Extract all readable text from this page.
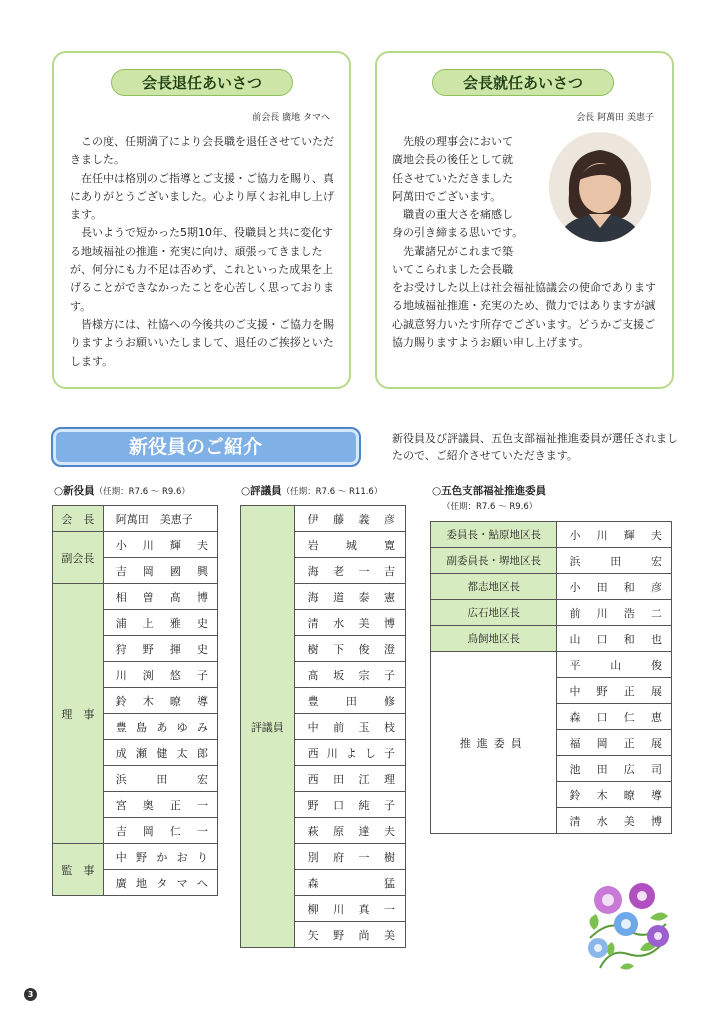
会長退任あいさつ
前会長 廣地 タマへ

この度、任期満了により会長職を退任させていただきました。

在任中は格別のご指導とご支援・ご協力を賜り、真にありがとうございました。心より厚くお礼申し上げます。

長いようで短かった5期10年、役職員と共に変化する地域福祉の推進・充実に向け、頑張ってきましたが、何分にも力不足は否めず、これといった成果を上げることができなかったことを心苦しく思っております。

皆様方には、社協への今後共のご支援・ご協力を賜りますようお願いいたしまして、退任のご挨拶といたします。

会長就任あいさつ
会長 阿萬田 美恵子
先般の理事会において
廣地会長の後任として就
任させていただきました
阿萬田でございます。
職責の重大さを痛感し
身の引き締まる思いです。
先輩諸兄がこれまで築
いてこられました会長職
をお受けした以上は社会福祉協議会の使命でありまする地域福祉推進・充実のため、微力ではありますが誠心誠意努力いたす所存でございます。どうかご支援ご協力賜りますようお願い申し上げます。
新役員のご紹介	新役員及び評議員、五色支部福祉推進委員が選任されましたので、ご紹介させていただきます。

○新役員（任期：R7.6 ～ R9.6）	○評議員（任期：R7.6 ～ R11.6）	○五色支部福祉推進委員
（任期：R7.6 ～ R9.6）
会　長	阿萬田　美恵子
副会長	小川輝夫
	吉岡國興
理　事	相曽髙博
	浦上雅史
	狩野揮史
	川渕悠子
	鈴木暸導
	豊島あゆみ
	成瀬健太郎
	浜田宏
	宮奥正一
	吉岡仁一
監　事	中野かおり
	廣地タマへ
評議員	伊藤義彦
岩城寛
海老一吉
海道泰憲
清水美博
樹下俊澄
髙坂宗子
豊田修
中前玉枝
西川よし子
西田江理
野口純子
萩原達夫
別府一樹
森猛
柳川真一
矢野尚美
委員長・鮎原地区長	小川輝夫
副委員長・堺地区長	浜田宏
都志地区長	小田和彦
広石地区長	前川浩二
鳥飼地区長	山口和也
推進委員	平山俊
	中野正展
	森口仁恵
	福岡正展
	池田広司
	鈴木暸導
	清水美博
3
